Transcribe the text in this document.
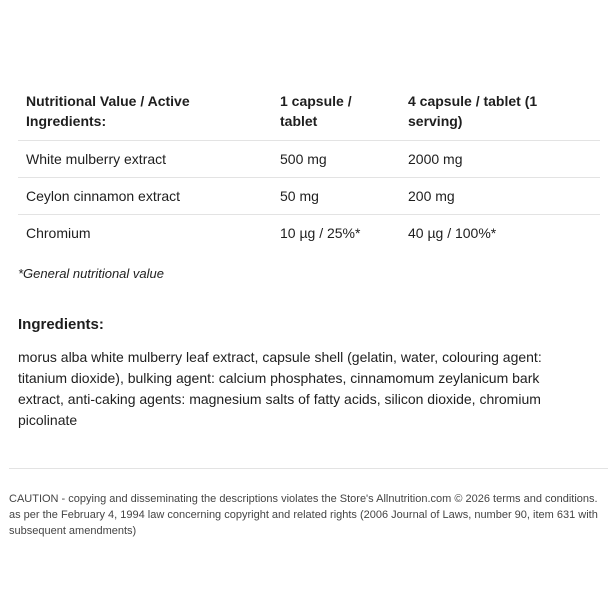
Nutritional Value / Active Ingredients:	1 capsule / tablet	4 capsule / tablet (1 serving)
White mulberry extract	500 mg	2000 mg
Ceylon cinnamon extract	50 mg	200 mg
Chromium	10 µg / 25%*	40 µg / 100%*
*General nutritional value
Ingredients:
morus alba white mulberry leaf extract, capsule shell (gelatin, water, colouring agent: titanium dioxide), bulking agent: calcium phosphates, cinnamomum zeylanicum bark extract, anti-caking agents: magnesium salts of fatty acids, silicon dioxide, chromium picolinate
CAUTION - copying and disseminating the descriptions violates the Store's Allnutrition.com © 2026 terms and conditions. as per the February 4, 1994 law concerning copyright and related rights (2006 Journal of Laws, number 90, item 631 with subsequent amendments)
